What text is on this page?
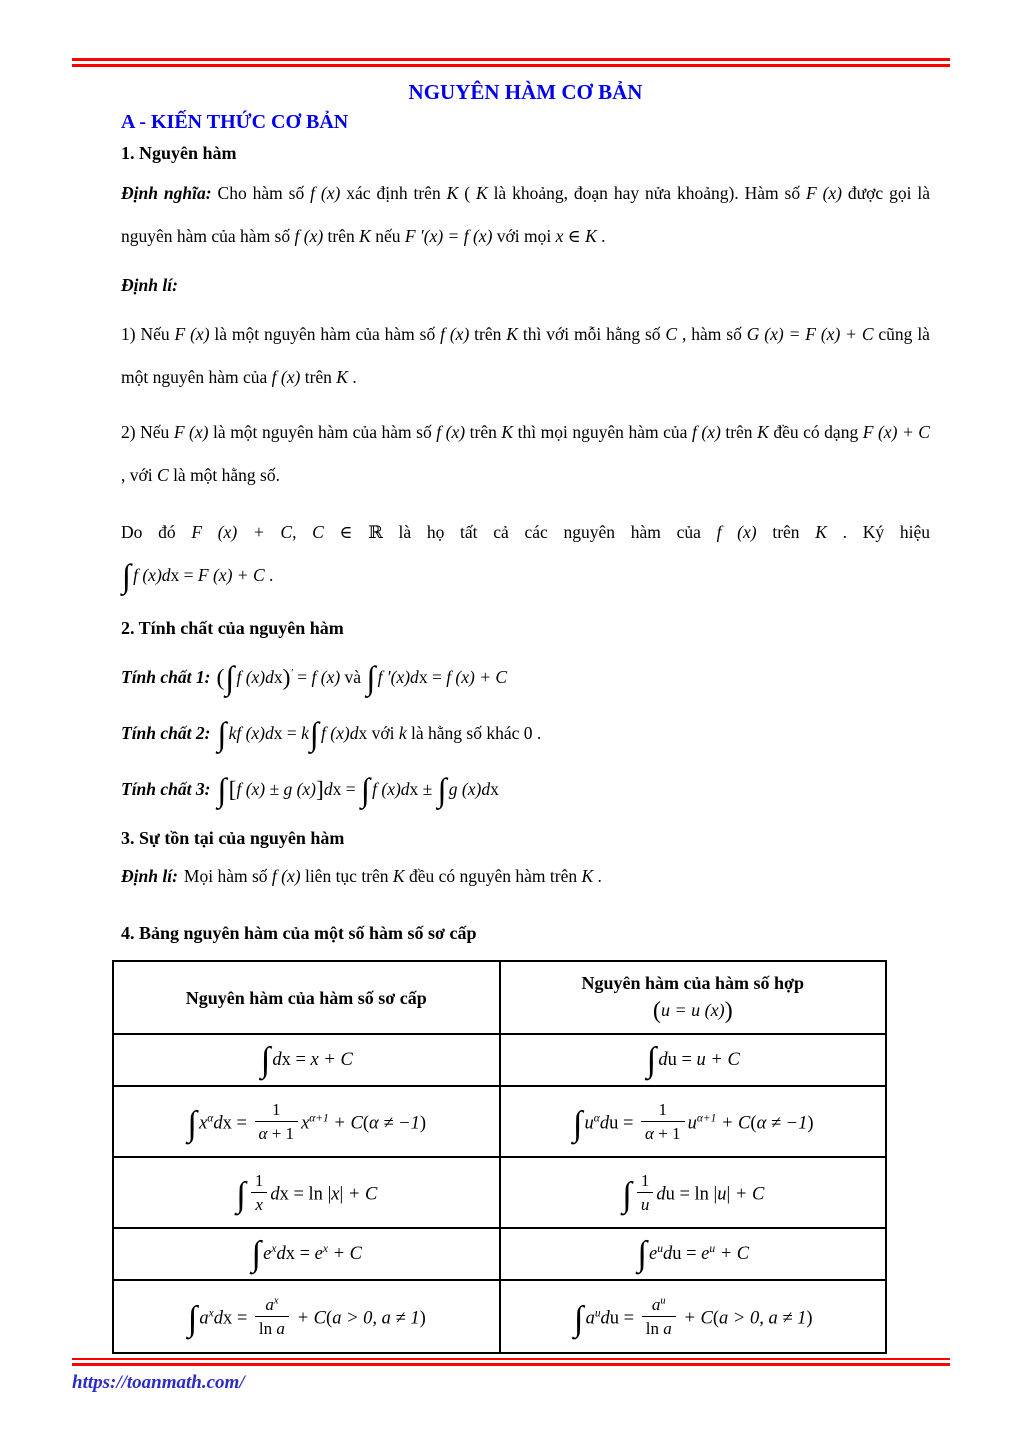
NGUYÊN HÀM CƠ BẢN
A - KIẾN THỨC CƠ BẢN
1. Nguyên hàm

Định nghĩa: Cho hàm số f (x) xác định trên K ( K là khoảng, đoạn hay nửa khoảng). Hàm số F (x) được gọi là nguyên hàm của hàm số f (x) trên K nếu F ′(x) = f (x) với mọi x ∈ K .

Định lí:

1) Nếu F (x) là một nguyên hàm của hàm số f (x) trên K thì với mỗi hằng số C , hàm số G (x) = F (x) + C cũng là một nguyên hàm của f (x) trên K .

2) Nếu F (x) là một nguyên hàm của hàm số f (x) trên K thì mọi nguyên hàm của f (x) trên K đều có dạng F (x) + C , với C là một hằng số.

Do đó F (x) + C, C ∈ ℝ là họ tất cả các nguyên hàm của f (x) trên K . Ký hiệu
∫ f (x)dx = F (x) + C .

2. Tính chất của nguyên hàm

Tính chất 1: (∫ f (x)dx)′ = f (x) và ∫ f ′(x)dx = f (x) + C

Tính chất 2: ∫ kf (x)dx = k∫ f (x)dx với k là hằng số khác 0 .

Tính chất 3: ∫[f (x) ± g (x)]dx = ∫ f (x)dx ± ∫ g (x)dx

3. Sự tồn tại của nguyên hàm

Định lí: Mọi hàm số f (x) liên tục trên K đều có nguyên hàm trên K .

4. Bảng nguyên hàm của một số hàm số sơ cấp
Nguyên hàm của hàm số sơ cấp	Nguyên hàm của hàm số hợp
(u = u (x))

∫ dx = x + C	∫ du = u + C
∫ $x^\alpha dx = \frac{1}{\alpha + 1} x^{\alpha+1} + C(\alpha \ne -1)$	∫ $u^\alpha du = \frac{1}{\alpha + 1} u^{\alpha+1} + C(\alpha \ne -1)$
∫ $\frac{1}{x}$ dx = ln |x| + C	∫ $\frac{1}{u}$ du = ln |u| + C
∫ $e^xdx = e^x + C$	∫ $e^udu = e^u + C$
∫ $a^xdx = \frac{a^x}{\text{ln a}} + C(a > 0$, a ≠ 1)	∫ $a^udu = \frac{a^u}{\text{ln a}} + C(a > 0$, a ≠ 1)
https://toanmath.com/
